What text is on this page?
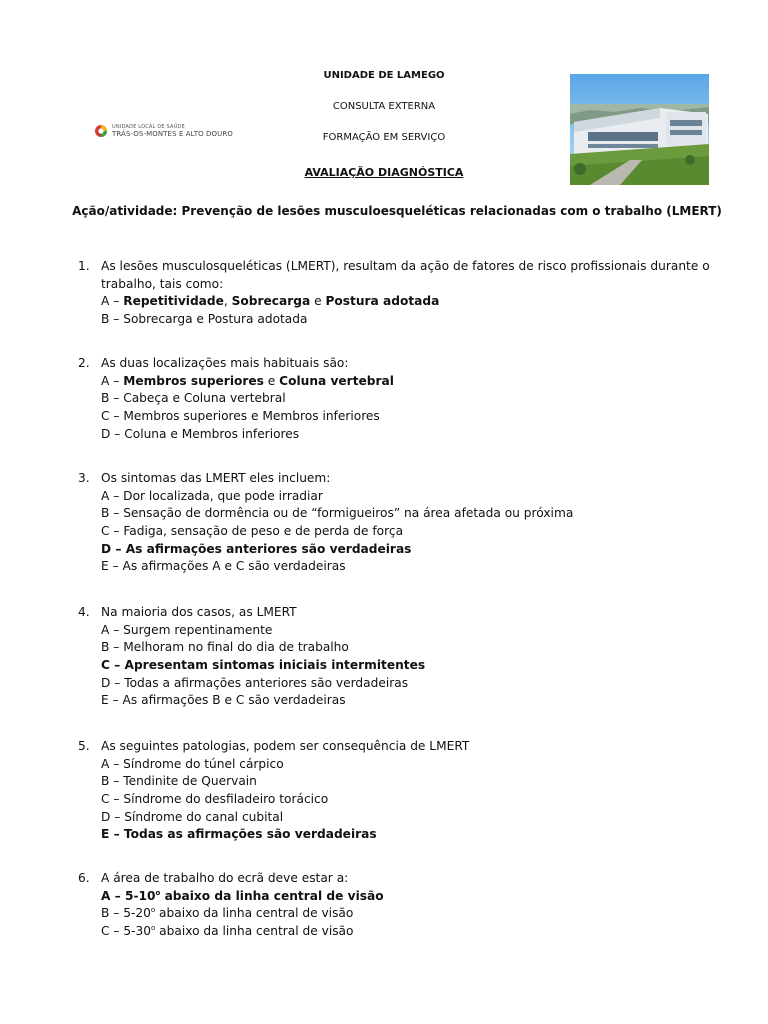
UNIDADE LOCAL DE SAÚDE
TRÁS-OS-MONTES E ALTO DOURO
UNIDADE DE LAMEGO
CONSULTA EXTERNA
FORMAÇÃO EM SERVIÇO
AVALIAÇÃO DIAGNÓSTICA
Ação/atividade: Prevenção de lesões musculoesqueléticas relacionadas com o trabalho (LMERT)
1. As lesões musculosqueléticas (LMERT), resultam da ação de fatores de risco profissionais durante o
trabalho, tais como:
A – Repetitividade, Sobrecarga e Postura adotada
B – Sobrecarga e Postura adotada
2. As duas localizações mais habituais são:
A – Membros superiores e Coluna vertebral
B – Cabeça e Coluna vertebral
C – Membros superiores e Membros inferiores
D – Coluna e Membros inferiores
3. Os sintomas das LMERT eles incluem:
A – Dor localizada, que pode irradiar
B – Sensação de dormência ou de “formigueiros” na área afetada ou próxima
C – Fadiga, sensação de peso e de perda de força
D – As afirmações anteriores são verdadeiras
E – As afirmações A e C são verdadeiras
4. Na maioria dos casos, as LMERT
A – Surgem repentinamente
B – Melhoram no final do dia de trabalho
C – Apresentam sintomas iniciais intermitentes
D – Todas a afirmações anteriores são verdadeiras
E – As afirmações B e C são verdadeiras
5. As seguintes patologias, podem ser consequência de LMERT
A – Síndrome do túnel cárpico
B – Tendinite de Quervain
C – Síndrome do desfiladeiro torácico
D – Síndrome do canal cubital
E – Todas as afirmações são verdadeiras
6. A área de trabalho do ecrã deve estar a:
A – 5-10$^o$ abaixo da linha central de visão
B – 5-20$^o$ abaixo da linha central de visão
C – 5-30$^o$ abaixo da linha central de visão
